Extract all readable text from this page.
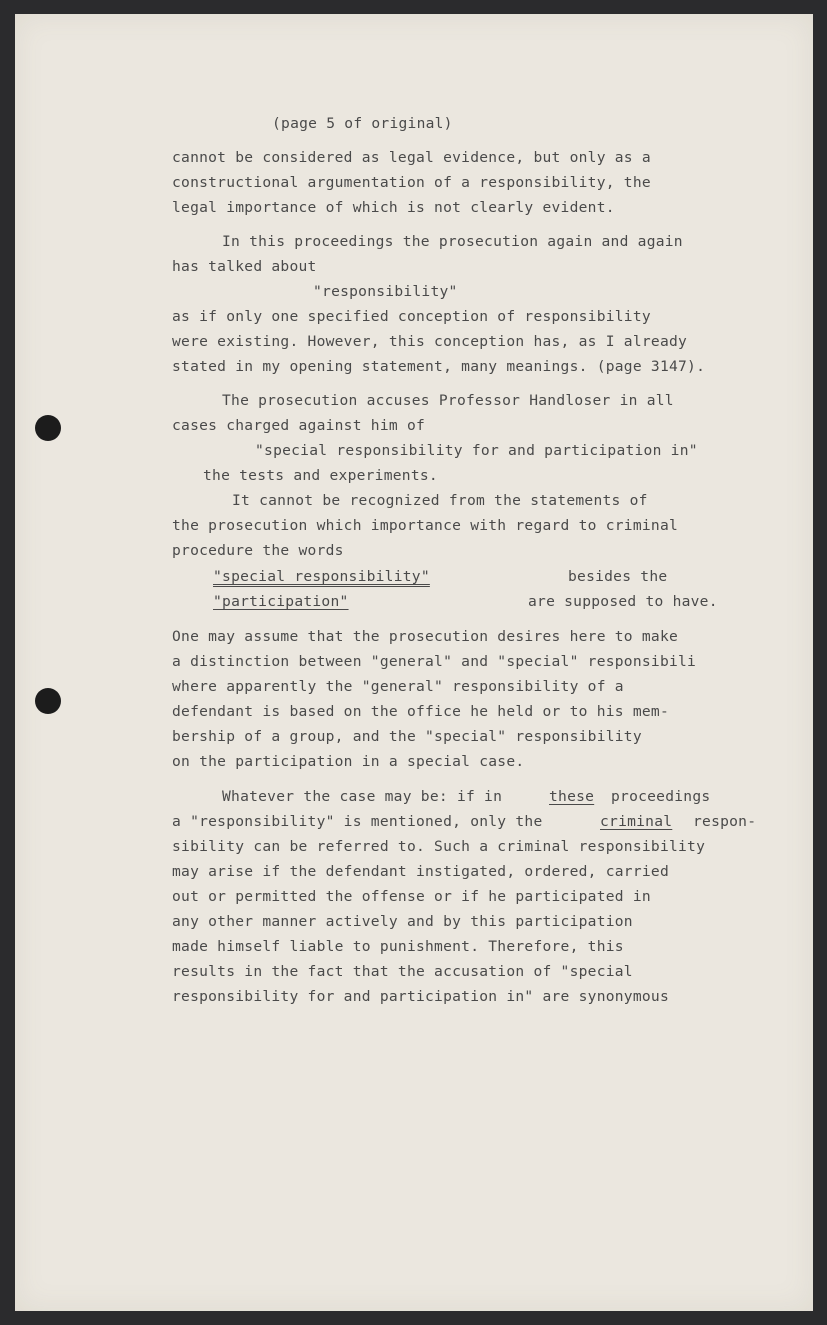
(page 5 of original)
cannot be considered as legal evidence, but only as a
constructional argumentation of a responsibility, the
legal importance of which is not clearly evident.
In this proceedings the prosecution again and again
has talked about
"responsibility"
as if only one specified conception of responsibility
were existing. However, this conception has, as I already
stated in my opening statement, many meanings. (page 3147).
The prosecution accuses Professor Handloser in all
cases charged against him of
"special responsibility for and participation in"
the tests and experiments.
It cannot be recognized from the statements of
the prosecution which importance with regard to criminal
procedure the words
"special responsibility"	besides the
"participation"	are supposed to have.
One may assume that the prosecution desires here to make
a distinction between "general" and "special" responsibili
where apparently the "general" responsibility of a
defendant is based on the office he held or to his mem-
bership of a group, and the "special" responsibility
on the participation in a special case.
Whatever the case may be: if in	these proceedings
a "responsibility" is mentioned, only the	criminal respon-
sibility can be referred to. Such a criminal responsibility
may arise if the defendant instigated, ordered, carried
out or permitted the offense or if he participated in
any other manner actively and by this participation
made himself liable to punishment. Therefore, this
results in the fact that the accusation of "special
responsibility for and participation in" are synonymous
